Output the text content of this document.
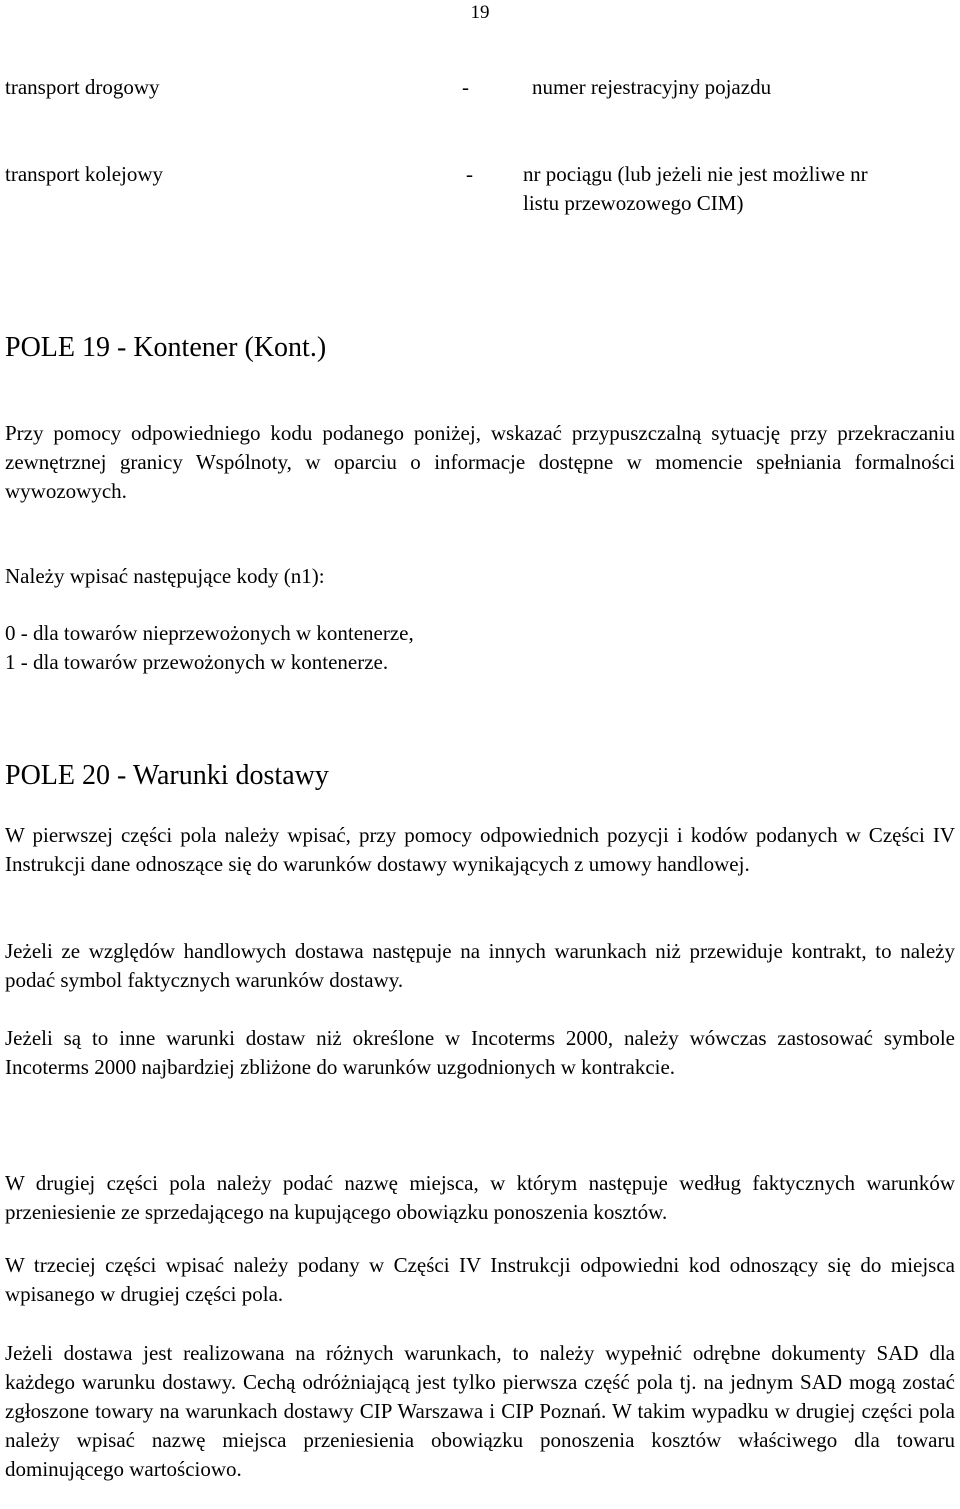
19
transport drogowy	-	numer rejestracyjny pojazdu
transport kolejowy	- nr pociągu (lub jeżeli nie jest możliwe nr
listu przewozowego CIM)
POLE 19 - Kontener (Kont.)

Przy pomocy odpowiedniego kodu podanego poniżej, wskazać przypuszczalną sytuację przy przekraczaniu zewnętrznej granicy Wspólnoty, w oparciu o informacje dostępne w momencie spełniania formalności wywozowych.

Należy wpisać następujące kody (n1):

0 - dla towarów nieprzewożonych w kontenerze,

1 - dla towarów przewożonych w kontenerze.

POLE 20 - Warunki dostawy

W pierwszej części pola należy wpisać, przy pomocy odpowiednich pozycji i kodów podanych w Części IV Instrukcji dane odnoszące się do warunków dostawy wynikających z umowy handlowej.

Jeżeli ze względów handlowych dostawa następuje na innych warunkach niż przewiduje kontrakt, to należy podać symbol faktycznych warunków dostawy.

Jeżeli są to inne warunki dostaw niż określone w Incoterms 2000, należy wówczas zastosować symbole Incoterms 2000 najbardziej zbliżone do warunków uzgodnionych w kontrakcie.

W drugiej części pola należy podać nazwę miejsca, w którym następuje według faktycznych warunków przeniesienie ze sprzedającego na kupującego obowiązku ponoszenia kosztów.

W trzeciej części wpisać należy podany w Części IV Instrukcji odpowiedni kod odnoszący się do miejsca wpisanego w drugiej części pola.

Jeżeli dostawa jest realizowana na różnych warunkach, to należy wypełnić odrębne dokumenty SAD dla każdego warunku dostawy. Cechą odróżniającą jest tylko pierwsza część pola tj. na jednym SAD mogą zostać zgłoszone towary na warunkach dostawy CIP Warszawa i CIP Poznań. W takim wypadku w drugiej części pola należy wpisać nazwę miejsca przeniesienia obowiązku ponoszenia kosztów właściwego dla towaru dominującego wartościowo.
